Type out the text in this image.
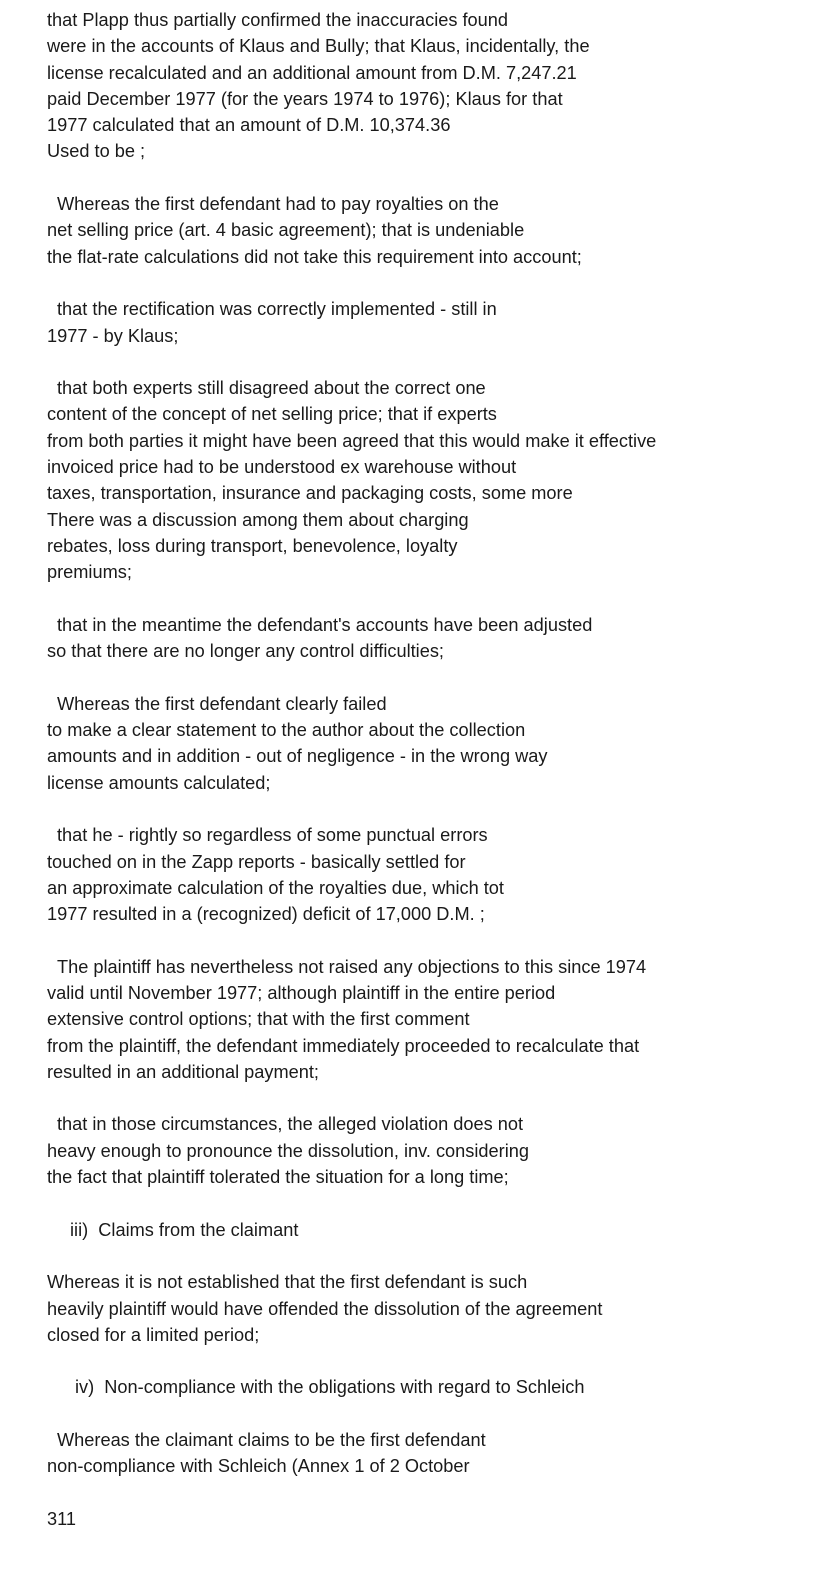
that Plapp thus partially confirmed the inaccuracies found
were in the accounts of Klaus and Bully; that Klaus, incidentally, the
license recalculated and an additional amount from D.M. 7,247.21
paid December 1977 (for the years 1974 to 1976); Klaus for that
1977 calculated that an amount of D.M. 10,374.36
Used to be ;
Whereas the first defendant had to pay royalties on the
net selling price (art. 4 basic agreement); that is undeniable
the flat-rate calculations did not take this requirement into account;
that the rectification was correctly implemented - still in
1977 - by Klaus;
that both experts still disagreed about the correct one
content of the concept of net selling price; that if experts
from both parties it might have been agreed that this would make it effective
invoiced price had to be understood ex warehouse without
taxes, transportation, insurance and packaging costs, some more
There was a discussion among them about charging
rebates, loss during transport, benevolence, loyalty
premiums;
that in the meantime the defendant's accounts have been adjusted
so that there are no longer any control difficulties;
Whereas the first defendant clearly failed
to make a clear statement to the author about the collection
amounts and in addition - out of negligence - in the wrong way
license amounts calculated;
that he - rightly so regardless of some punctual errors
touched on in the Zapp reports - basically settled for
an approximate calculation of the royalties due, which tot
1977 resulted in a (recognized) deficit of 17,000 D.M. ;
The plaintiff has nevertheless not raised any objections to this since 1974
valid until November 1977; although plaintiff in the entire period
extensive control options; that with the first comment
from the plaintiff, the defendant immediately proceeded to recalculate that
resulted in an additional payment;
that in those circumstances, the alleged violation does not
heavy enough to pronounce the dissolution, inv. considering
the fact that plaintiff tolerated the situation for a long time;
iii)  Claims from the claimant
Whereas it is not established that the first defendant is such
heavily plaintiff would have offended the dissolution of the agreement
closed for a limited period;
iv)  Non-compliance with the obligations with regard to Schleich
Whereas the claimant claims to be the first defendant
non-compliance with Schleich (Annex 1 of 2 October
311
